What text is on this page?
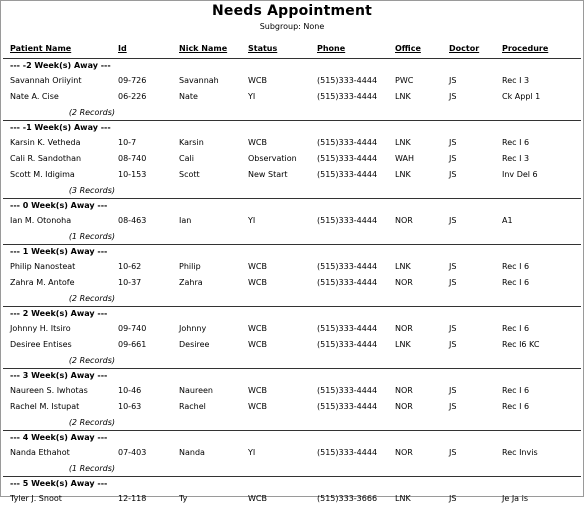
Needs Appointment
Subgroup: None
Patient Name	Id	Nick Name	Status	Phone	Office	Doctor	Procedure
--- -2 Week(s) Away ---
Savannah Oriiyint	09-726	Savannah	WCB	(515)333-4444 PWC	JS	Rec I 3
Nate A. Cise	06-226	Nate	YI	(515)333-4444 LNK	JS	Ck Appl 1
(2 Records)
--- -1 Week(s) Away ---
Karsin K. Vetheda	10-7	Karsin	WCB	(515)333-4444 LNK	JS	Rec I 6
Cali R. Sandothan	08-740	Cali	Observation	(515)333-4444 WAH	JS	Rec I 3
Scott M. Idigima	10-153	Scott	New Start	(515)333-4444 LNK	JS	Inv Del 6
(3 Records)
--- 0 Week(s) Away ---
Ian M. Otonoha	08-463	Ian	YI	(515)333-4444 NOR	JS	A1
(1 Records)
--- 1 Week(s) Away ---
Philip Nanosteat	10-62	Philip	WCB	(515)333-4444 LNK	JS	Rec I 6
Zahra M. Antofe	10-37	Zahra	WCB	(515)333-4444 NOR	JS	Rec I 6
(2 Records)
--- 2 Week(s) Away ---
Johnny H. Itsiro	09-740	Johnny	WCB	(515)333-4444 NOR	JS	Rec I 6
Desiree Entises	09-661	Desiree	WCB	(515)333-4444 LNK	JS	Rec I6 KC
(2 Records)
--- 3 Week(s) Away ---
Naureen S. Iwhotas	10-46	Naureen	WCB	(515)333-4444 NOR	JS	Rec I 6
Rachel M. Istupat	10-63	Rachel	WCB	(515)333-4444 NOR	JS	Rec I 6
(2 Records)
--- 4 Week(s) Away ---
Nanda Ethahot	07-403	Nanda	YI	(515)333-4444 NOR	JS	Rec Invis
(1 Records)
--- 5 Week(s) Away ---
Tyler J. Snoot	12-118	Ty	WCB	(515)333-3666 LNK	JS	Je Ja is
